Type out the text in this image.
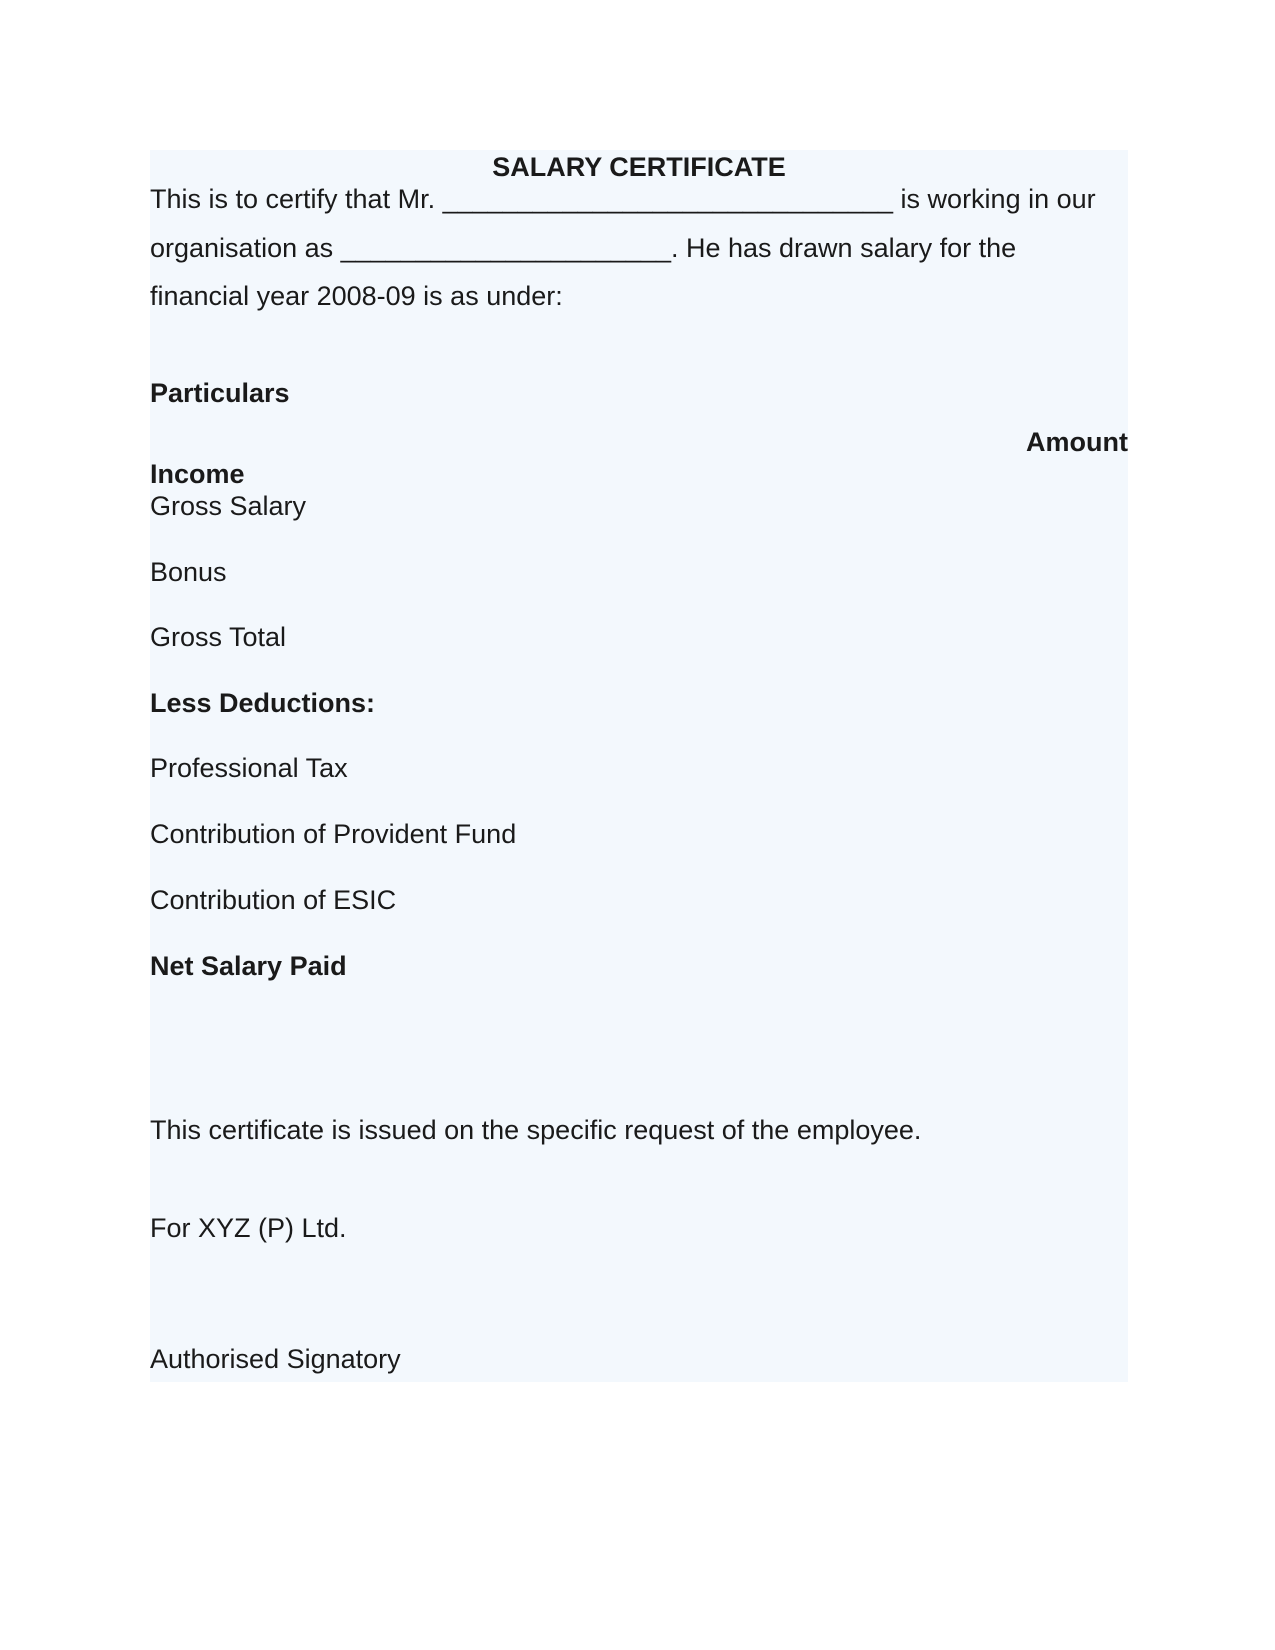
SALARY CERTIFICATE
This is to certify that Mr. ______________________________ is working in our
organisation as ______________________. He has drawn salary for the
financial year 2008-09 is as under:
Particulars
Amount
Income
Gross Salary
Bonus
Gross Total
Less Deductions:
Professional Tax
Contribution of Provident Fund
Contribution of ESIC
Net Salary Paid
This certificate is issued on the specific request of the employee.
For XYZ (P) Ltd.
Authorised Signatory
